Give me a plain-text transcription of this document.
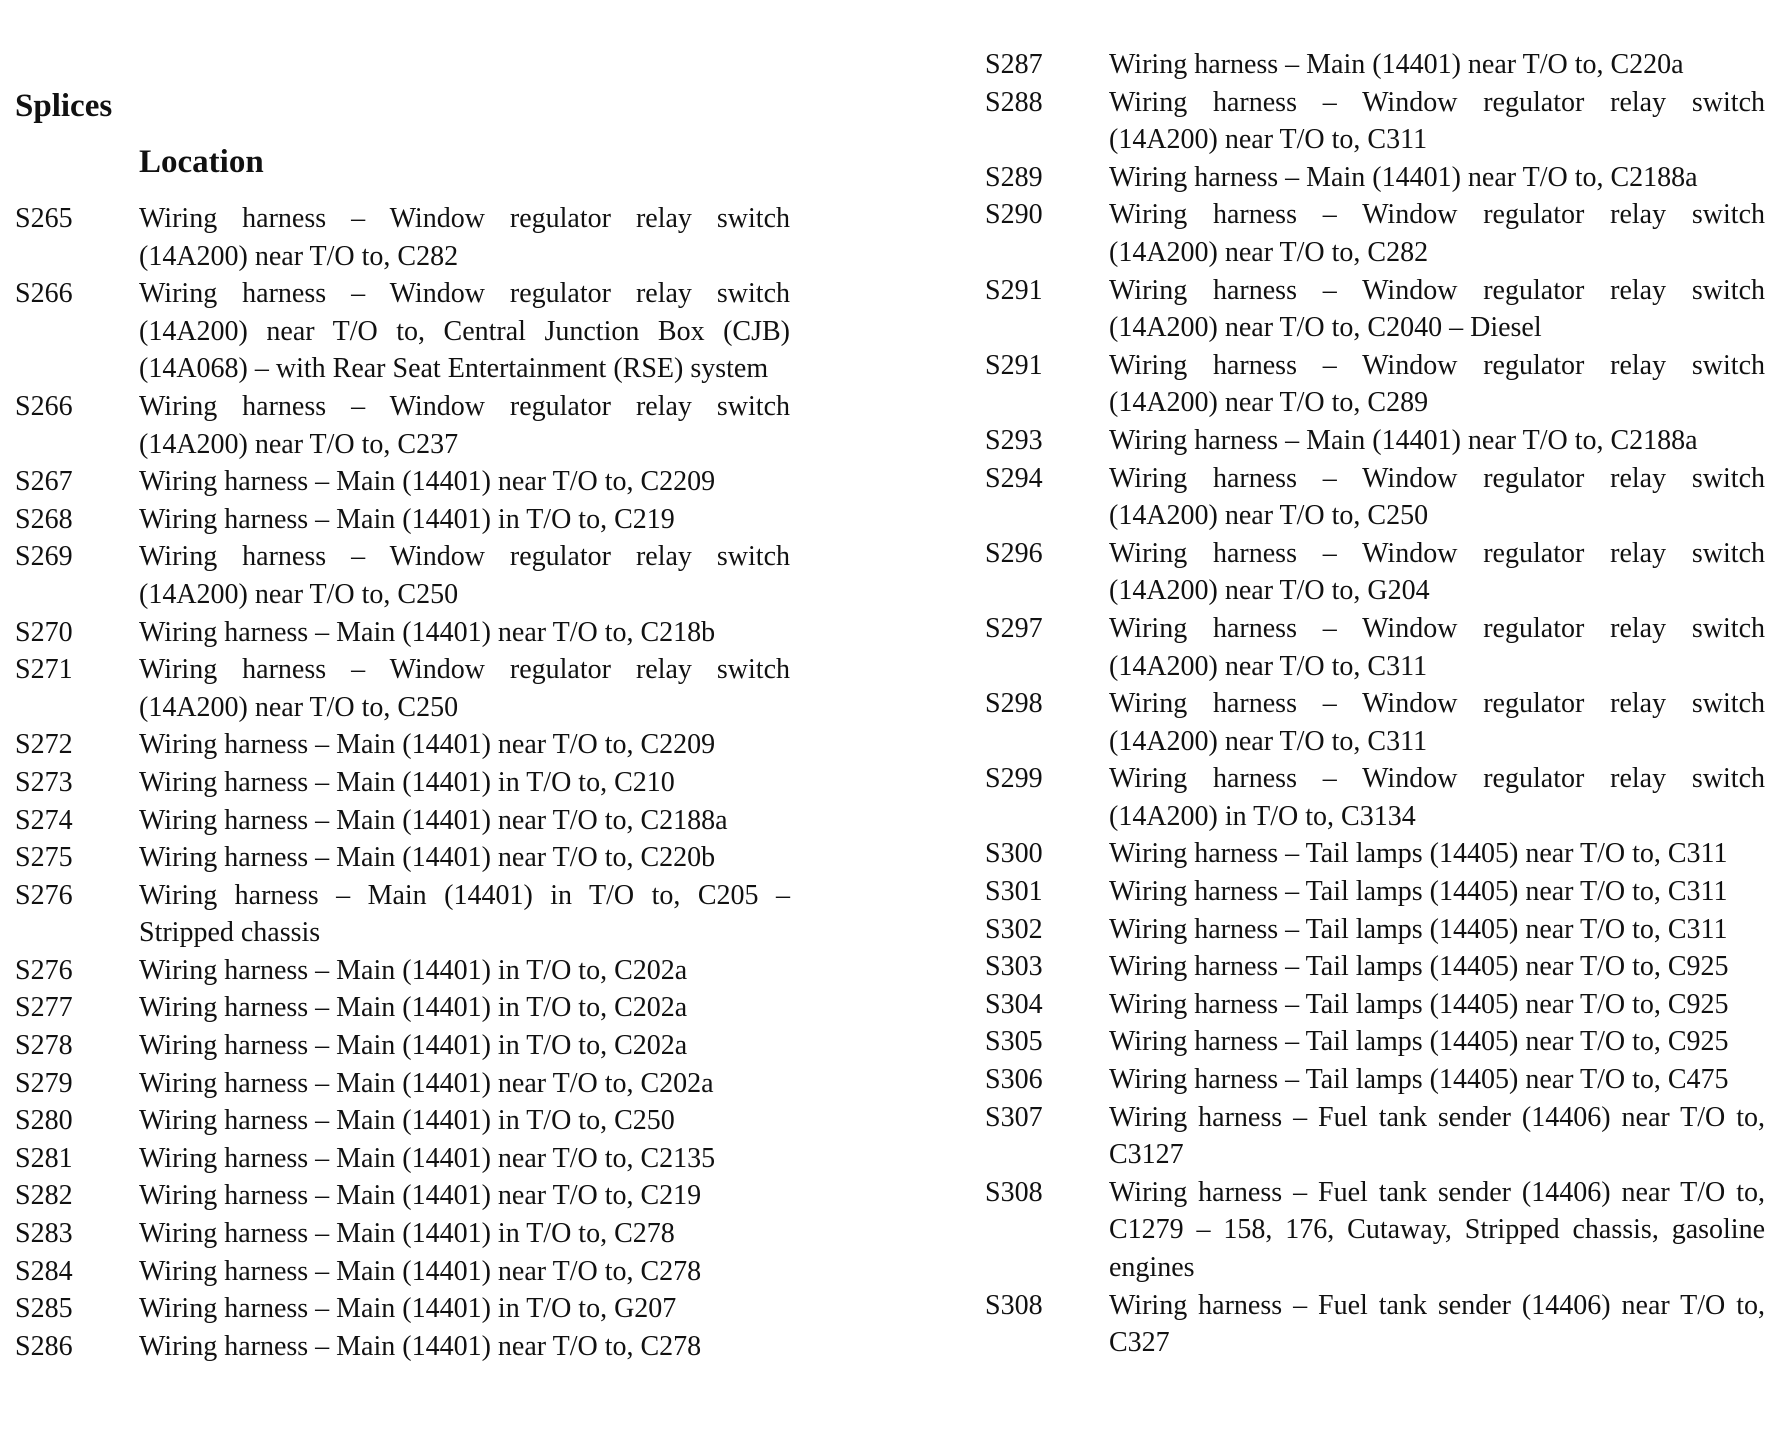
Splices
Location
S265	Wiring harness – Window regulator relay switch (14A200) near T/O to, C282
S266	Wiring harness – Window regulator relay switch (14A200) near T/O to, Central Junction Box (CJB) (14A068) – with Rear Seat Entertainment (RSE) system
S266	Wiring harness – Window regulator relay switch (14A200) near T/O to, C237
S267	Wiring harness – Main (14401) near T/O to, C2209
S268	Wiring harness – Main (14401) in T/O to, C219
S269	Wiring harness – Window regulator relay switch (14A200) near T/O to, C250
S270	Wiring harness – Main (14401) near T/O to, C218b
S271	Wiring harness – Window regulator relay switch (14A200) near T/O to, C250
S272	Wiring harness – Main (14401) near T/O to, C2209
S273	Wiring harness – Main (14401) in T/O to, C210
S274	Wiring harness – Main (14401) near T/O to, C2188a
S275	Wiring harness – Main (14401) near T/O to, C220b
S276	Wiring harness – Main (14401) in T/O to, C205 – Stripped chassis
S276	Wiring harness – Main (14401) in T/O to, C202a
S277	Wiring harness – Main (14401) in T/O to, C202a
S278	Wiring harness – Main (14401) in T/O to, C202a
S279	Wiring harness – Main (14401) near T/O to, C202a
S280	Wiring harness – Main (14401) in T/O to, C250
S281	Wiring harness – Main (14401) near T/O to, C2135
S282	Wiring harness – Main (14401) near T/O to, C219
S283	Wiring harness – Main (14401) in T/O to, C278
S284	Wiring harness – Main (14401) near T/O to, C278
S285	Wiring harness – Main (14401) in T/O to, G207
S286	Wiring harness – Main (14401) near T/O to, C278
S287	Wiring harness – Main (14401) near T/O to, C220a
S288	Wiring harness – Window regulator relay switch (14A200) near T/O to, C311
S289	Wiring harness – Main (14401) near T/O to, C2188a
S290	Wiring harness – Window regulator relay switch (14A200) near T/O to, C282
S291	Wiring harness – Window regulator relay switch (14A200) near T/O to, C2040 – Diesel
S291	Wiring harness – Window regulator relay switch (14A200) near T/O to, C289
S293	Wiring harness – Main (14401) near T/O to, C2188a
S294	Wiring harness – Window regulator relay switch (14A200) near T/O to, C250
S296	Wiring harness – Window regulator relay switch (14A200) near T/O to, G204
S297	Wiring harness – Window regulator relay switch (14A200) near T/O to, C311
S298	Wiring harness – Window regulator relay switch (14A200) near T/O to, C311
S299	Wiring harness – Window regulator relay switch (14A200) in T/O to, C3134
S300	Wiring harness – Tail lamps (14405) near T/O to, C311
S301	Wiring harness – Tail lamps (14405) near T/O to, C311
S302	Wiring harness – Tail lamps (14405) near T/O to, C311
S303	Wiring harness – Tail lamps (14405) near T/O to, C925
S304	Wiring harness – Tail lamps (14405) near T/O to, C925
S305	Wiring harness – Tail lamps (14405) near T/O to, C925
S306	Wiring harness – Tail lamps (14405) near T/O to, C475
S307	Wiring harness – Fuel tank sender (14406) near T/O to, C3127
S308	Wiring harness – Fuel tank sender (14406) near T/O to, C1279 – 158, 176, Cutaway, Stripped chassis, gasoline engines
S308	Wiring harness – Fuel tank sender (14406) near T/O to, C327
